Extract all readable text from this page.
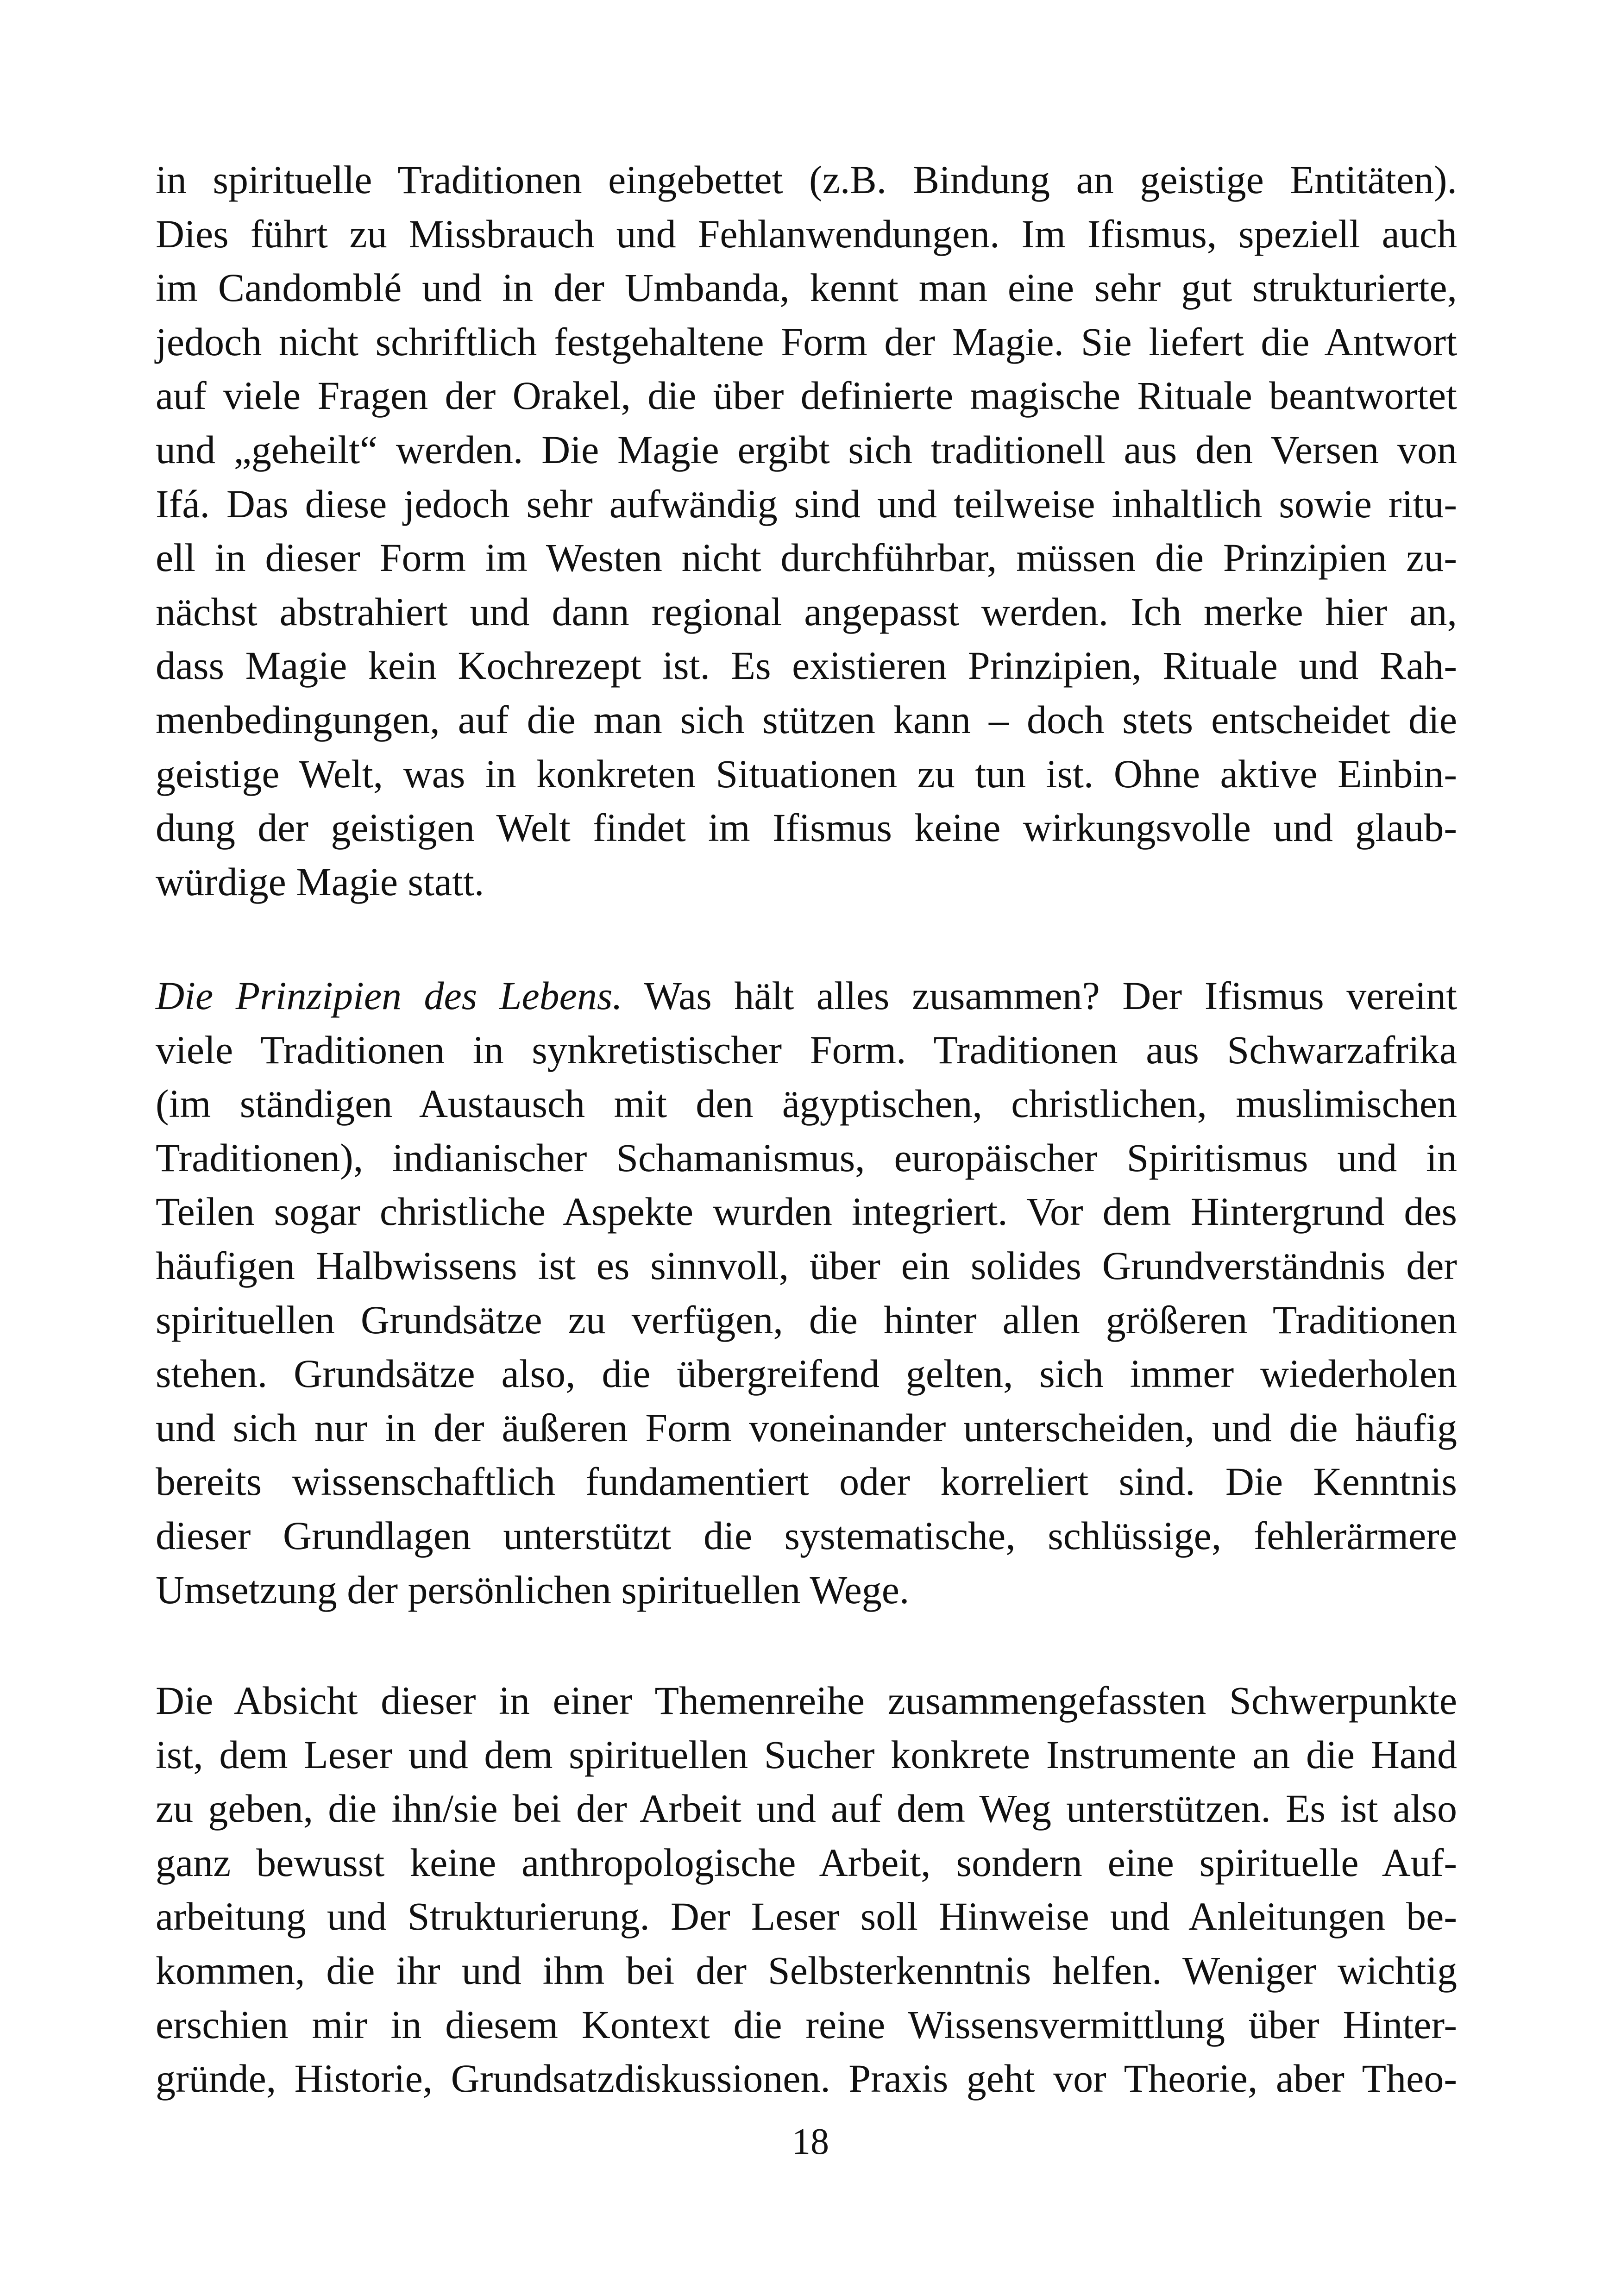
in spirituelle Traditionen eingebettet (z.B. Bindung an geistige Entitäten).
Dies führt zu Missbrauch und Fehlanwendungen. Im Ifismus, speziell auch
im Candomblé und in der Umbanda, kennt man eine sehr gut strukturierte,
jedoch nicht schriftlich festgehaltene Form der Magie. Sie liefert die Antwort
auf viele Fragen der Orakel, die über definierte magische Rituale beantwortet
und „geheilt“ werden. Die Magie ergibt sich traditionell aus den Versen von
Ifá. Das diese jedoch sehr aufwändig sind und teilweise inhaltlich sowie ritu-
ell in dieser Form im Westen nicht durchführbar, müssen die Prinzipien zu-
nächst abstrahiert und dann regional angepasst werden. Ich merke hier an,
dass Magie kein Kochrezept ist. Es existieren Prinzipien, Rituale und Rah-
menbedingungen, auf die man sich stützen kann – doch stets entscheidet die
geistige Welt, was in konkreten Situationen zu tun ist. Ohne aktive Einbin-
dung der geistigen Welt findet im Ifismus keine wirkungsvolle und glaub-
würdige Magie statt.
Die Prinzipien des Lebens. Was hält alles zusammen? Der Ifismus vereint
viele Traditionen in synkretistischer Form. Traditionen aus Schwarzafrika
(im ständigen Austausch mit den ägyptischen, christlichen, muslimischen
Traditionen), indianischer Schamanismus, europäischer Spiritismus und in
Teilen sogar christliche Aspekte wurden integriert. Vor dem Hintergrund des
häufigen Halbwissens ist es sinnvoll, über ein solides Grundverständnis der
spirituellen Grundsätze zu verfügen, die hinter allen größeren Traditionen
stehen. Grundsätze also, die übergreifend gelten, sich immer wiederholen
und sich nur in der äußeren Form voneinander unterscheiden, und die häufig
bereits wissenschaftlich fundamentiert oder korreliert sind. Die Kenntnis
dieser Grundlagen unterstützt die systematische, schlüssige, fehlerärmere
Umsetzung der persönlichen spirituellen Wege.
Die Absicht dieser in einer Themenreihe zusammengefassten Schwerpunkte
ist, dem Leser und dem spirituellen Sucher konkrete Instrumente an die Hand
zu geben, die ihn/sie bei der Arbeit und auf dem Weg unterstützen. Es ist also
ganz bewusst keine anthropologische Arbeit, sondern eine spirituelle Auf-
arbeitung und Strukturierung. Der Leser soll Hinweise und Anleitungen be-
kommen, die ihr und ihm bei der Selbsterkenntnis helfen. Weniger wichtig
erschien mir in diesem Kontext die reine Wissensvermittlung über Hinter-
gründe, Historie, Grundsatzdiskussionen. Praxis geht vor Theorie, aber Theo-
18
